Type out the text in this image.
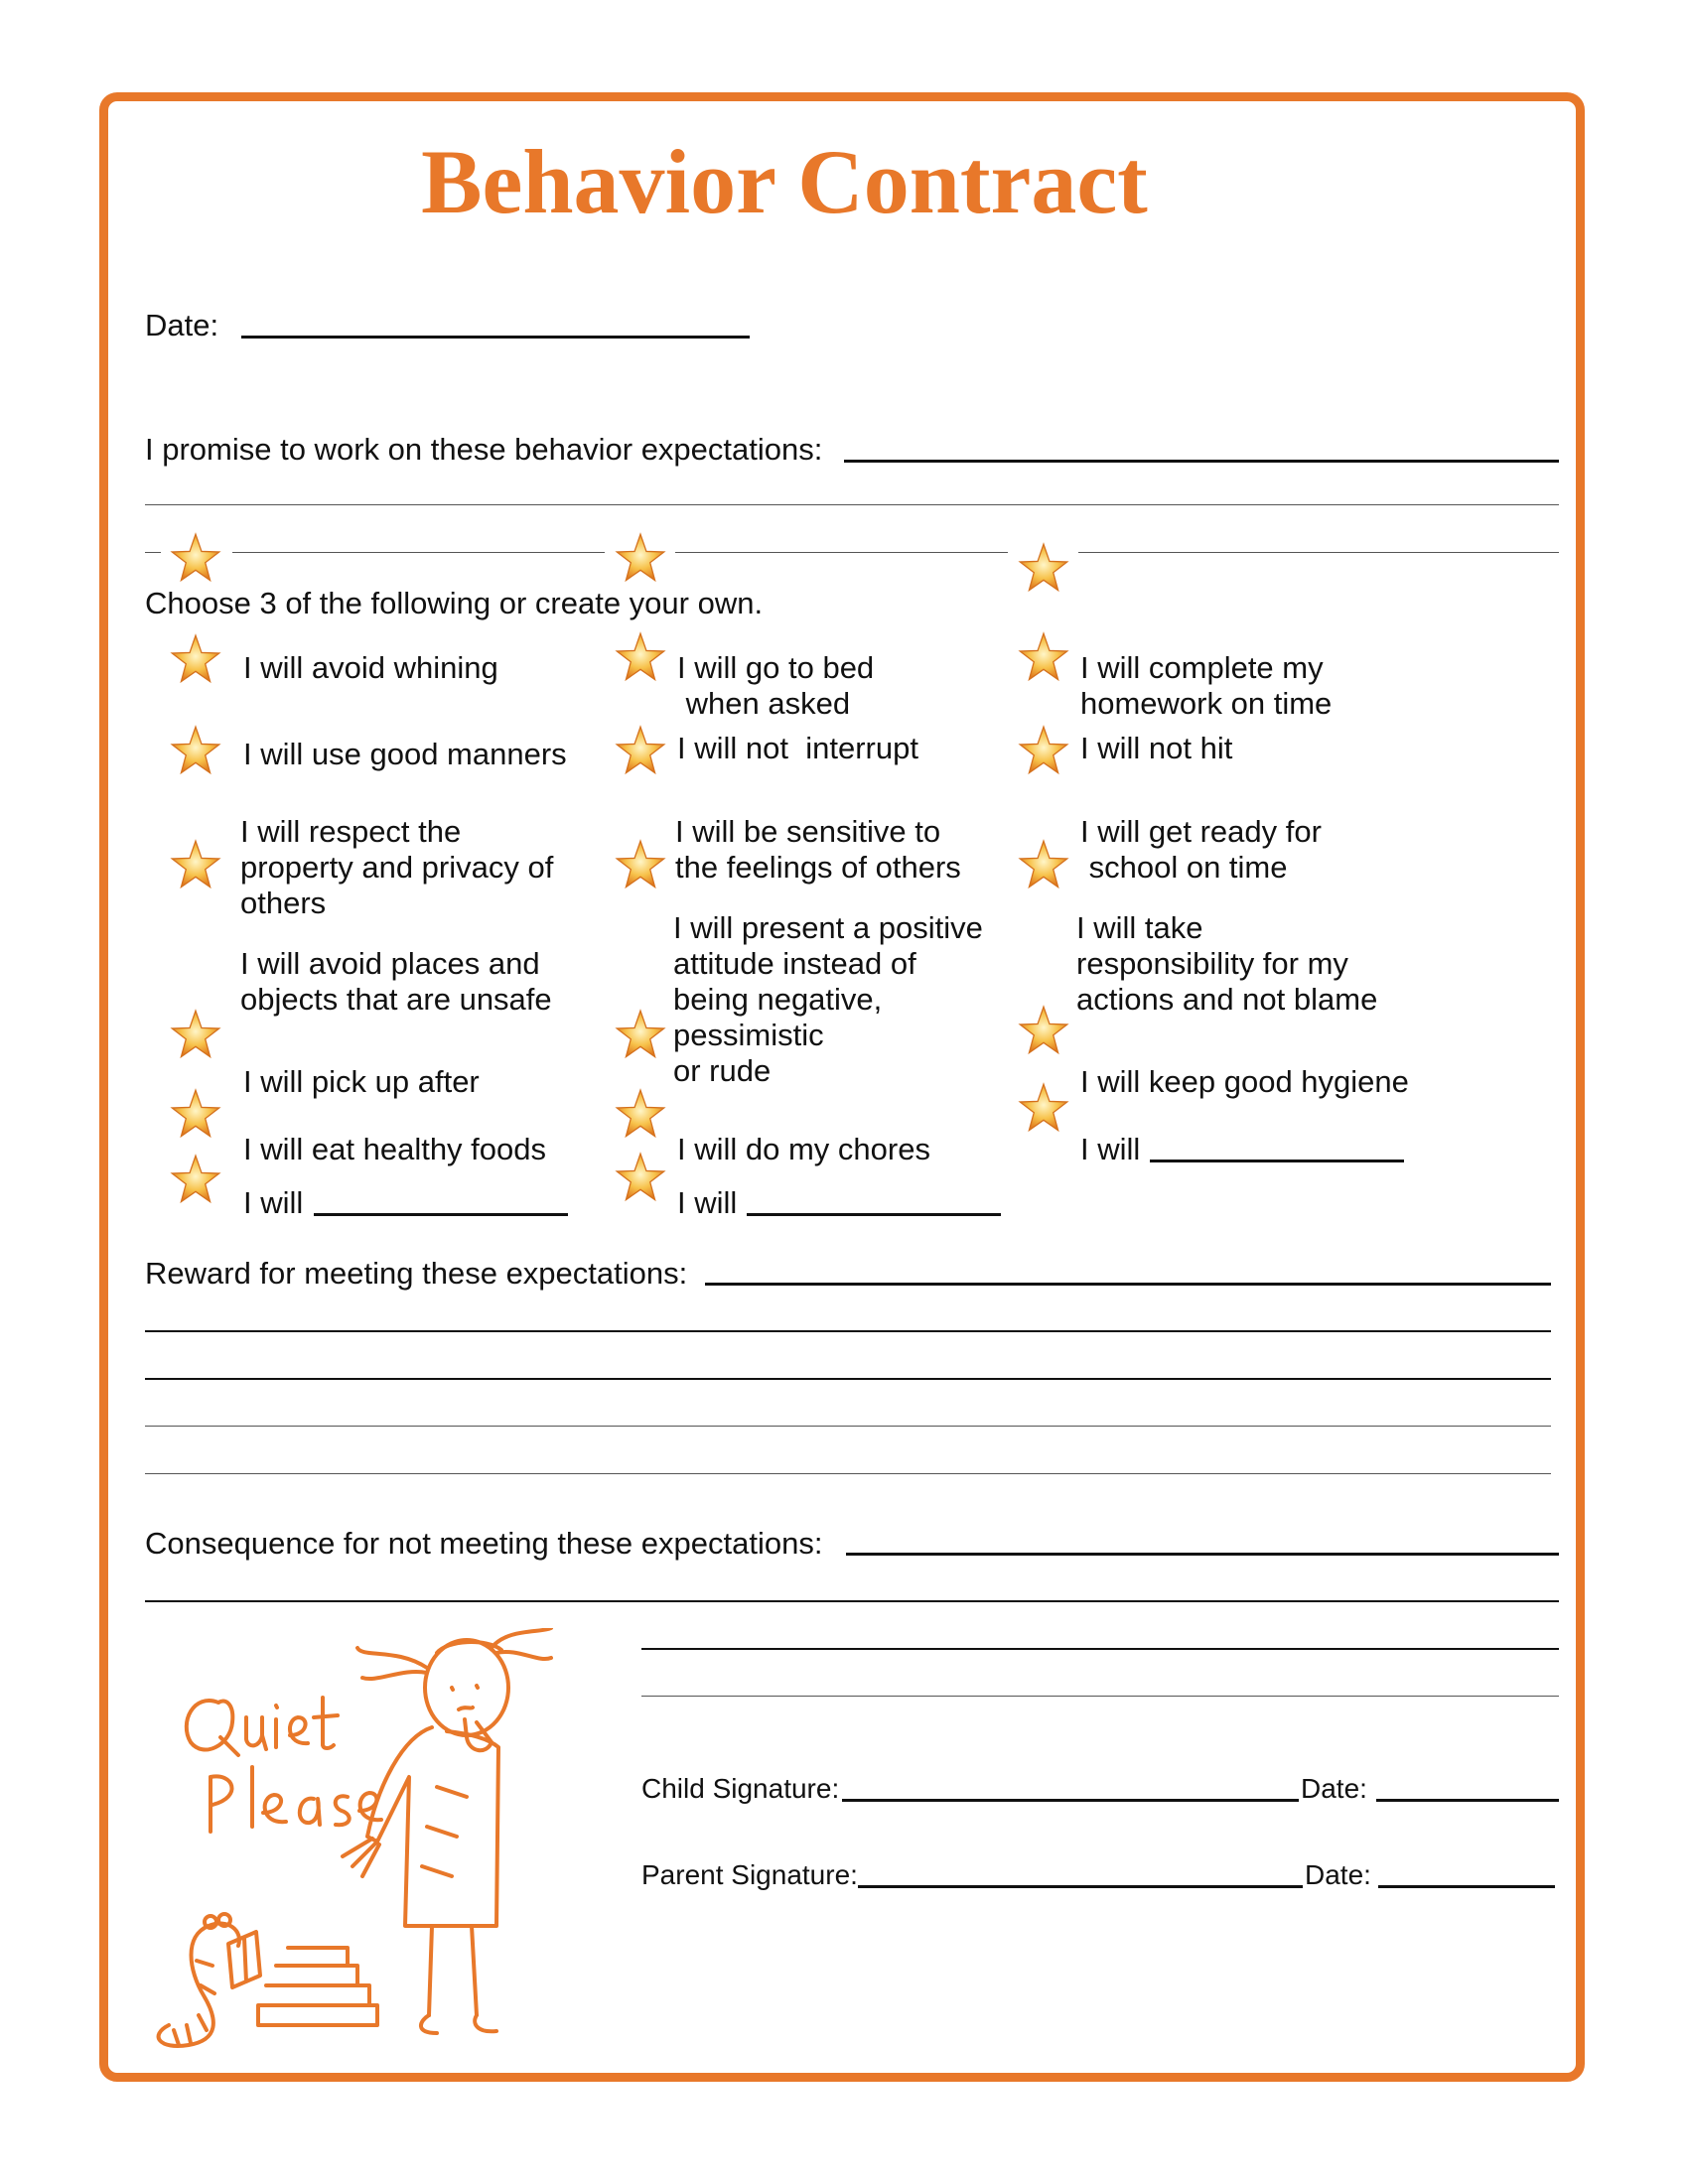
Behavior Contract
Date:
I promise to work on these behavior expectations:
Choose 3 of the following or create your own.
I will avoid whining
I will use good manners
I will respect the
property and privacy of
others
I will avoid places and
objects that are unsafe
I will pick up after
I will eat healthy foods
I will
I will go to bed
when asked
I will not  interrupt
I will be sensitive to
the feelings of others
I will present a positive
attitude instead of
being negative,
pessimistic
or rude
I will do my chores
I will
I will complete my
homework on time
I will not hit
I will get ready for
school on time
I will take
responsibility for my
actions and not blame
I will keep good hygiene
I will
Reward for meeting these expectations:
Consequence for not meeting these expectations:
Child Signature:	Date:
Parent Signature:	Date:
